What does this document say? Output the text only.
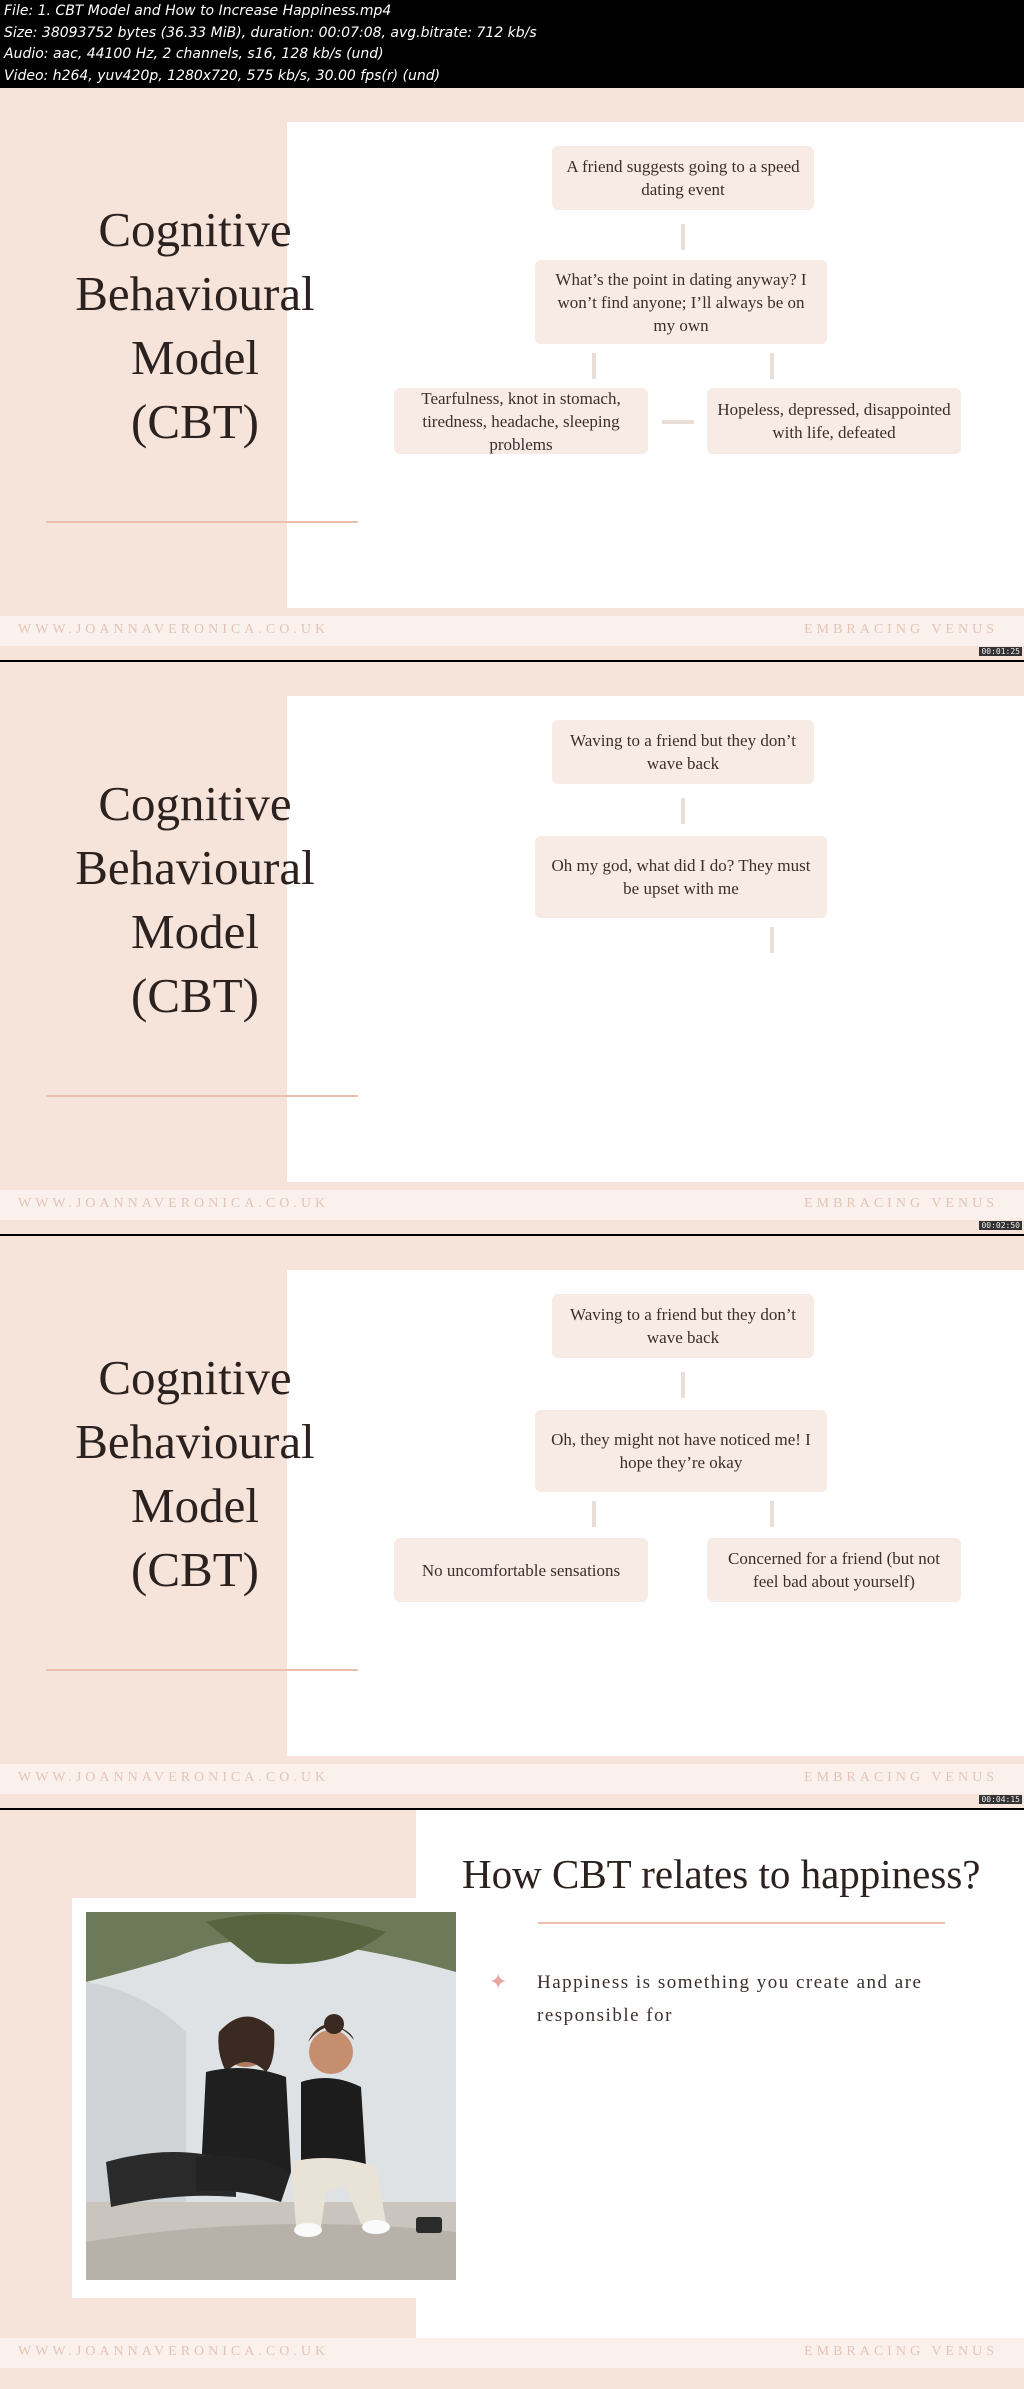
File: 1. CBT Model and How to Increase Happiness.mp4
Size: 38093752 bytes (36.33 MiB), duration: 00:07:08, avg.bitrate: 712 kb/s
Audio: aac, 44100 Hz, 2 channels, s16, 128 kb/s (und)
Video: h264, yuv420p, 1280x720, 575 kb/s, 30.00 fps(r) (und)
Cognitive
Behavioural
Model
(CBT)
A friend suggests going to a speed dating event
What’s the point in dating anyway? I won’t find anyone; I’ll always be on my own
Tearfulness, knot in stomach, tiredness, headache, sleeping problems
Hopeless, depressed, disappointed with life, defeated
WWW.JOANNAVERONICA.CO.UK	EMBRACING VENUS
00:01:25
Cognitive
Behavioural
Model
(CBT)
Waving to a friend but they don’t wave back
Oh my god, what did I do? They must be upset with me
WWW.JOANNAVERONICA.CO.UK	EMBRACING VENUS
00:02:50
Cognitive
Behavioural
Model
(CBT)
Waving to a friend but they don’t wave back
Oh, they might not have noticed me! I hope they’re okay
No uncomfortable sensations
Concerned for a friend (but not feel bad about yourself)
WWW.JOANNAVERONICA.CO.UK	EMBRACING VENUS
00:04:15
How CBT relates to happiness?
✦ Happiness is something you create and are responsible for
WWW.JOANNAVERONICA.CO.UK	EMBRACING VENUS
